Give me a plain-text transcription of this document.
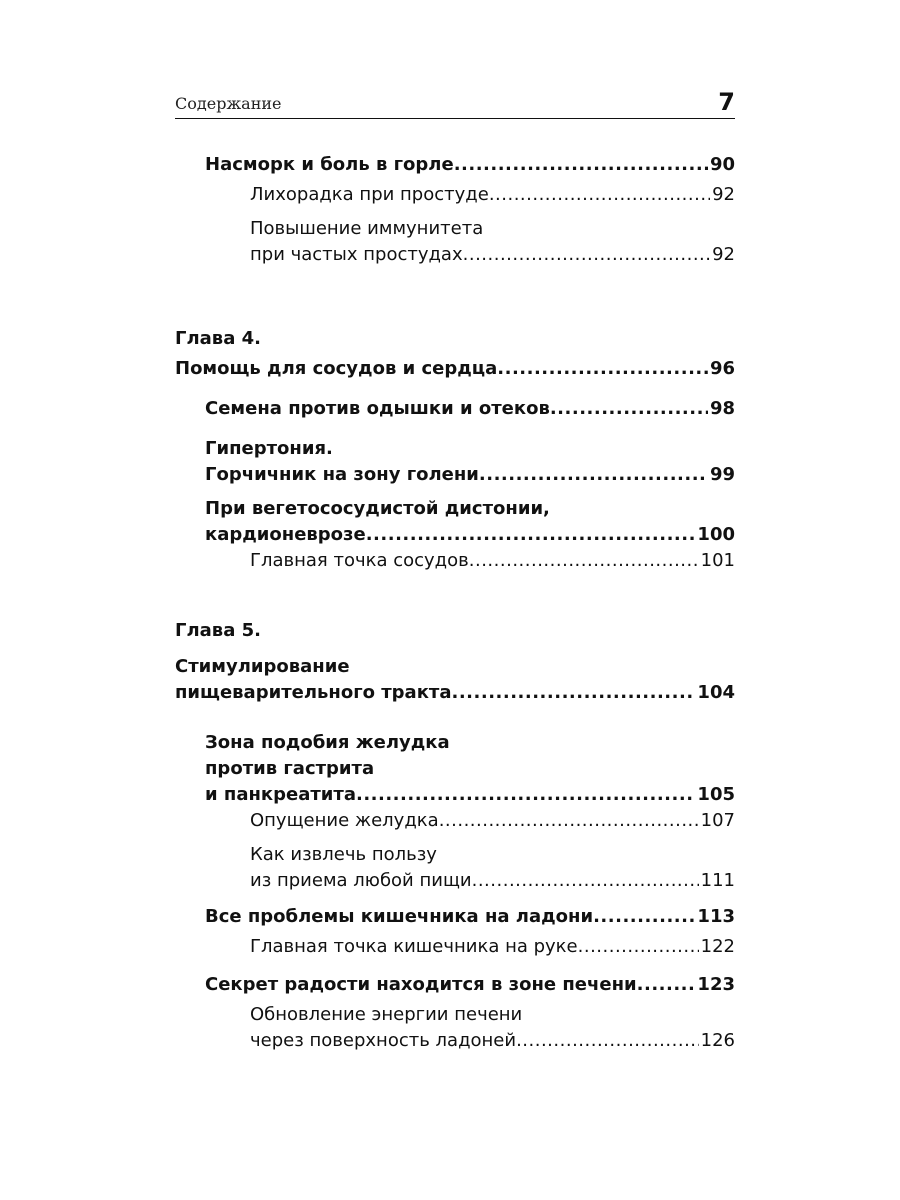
Содержание	7
Насморк и боль в горле .....	90
Лихорадка при простуде .....	92
Повышение иммунитета
при частых простудах .....	92
Глава 4.
Помощь для сосудов и сердца .....	96
Семена против одышки и отеков .....	98
Гипертония.
Горчичник на зону голени .....	99
При вегетососудистой дистонии,
кардионеврозе .....	100
Главная точка сосудов .....	101
Глава 5.
Стимулирование
пищеварительного тракта .....	104
Зона подобия желудка
против гастрита
и панкреатита .....	105
Опущение желудка .....	107
Как извлечь пользу
из приема любой пищи .....	111
Все проблемы кишечника на ладони .....	113
Главная точка кишечника на руке .....	122
Секрет радости находится в зоне печени .....	123
Обновление энергии печени
через поверхность ладоней .....	126
